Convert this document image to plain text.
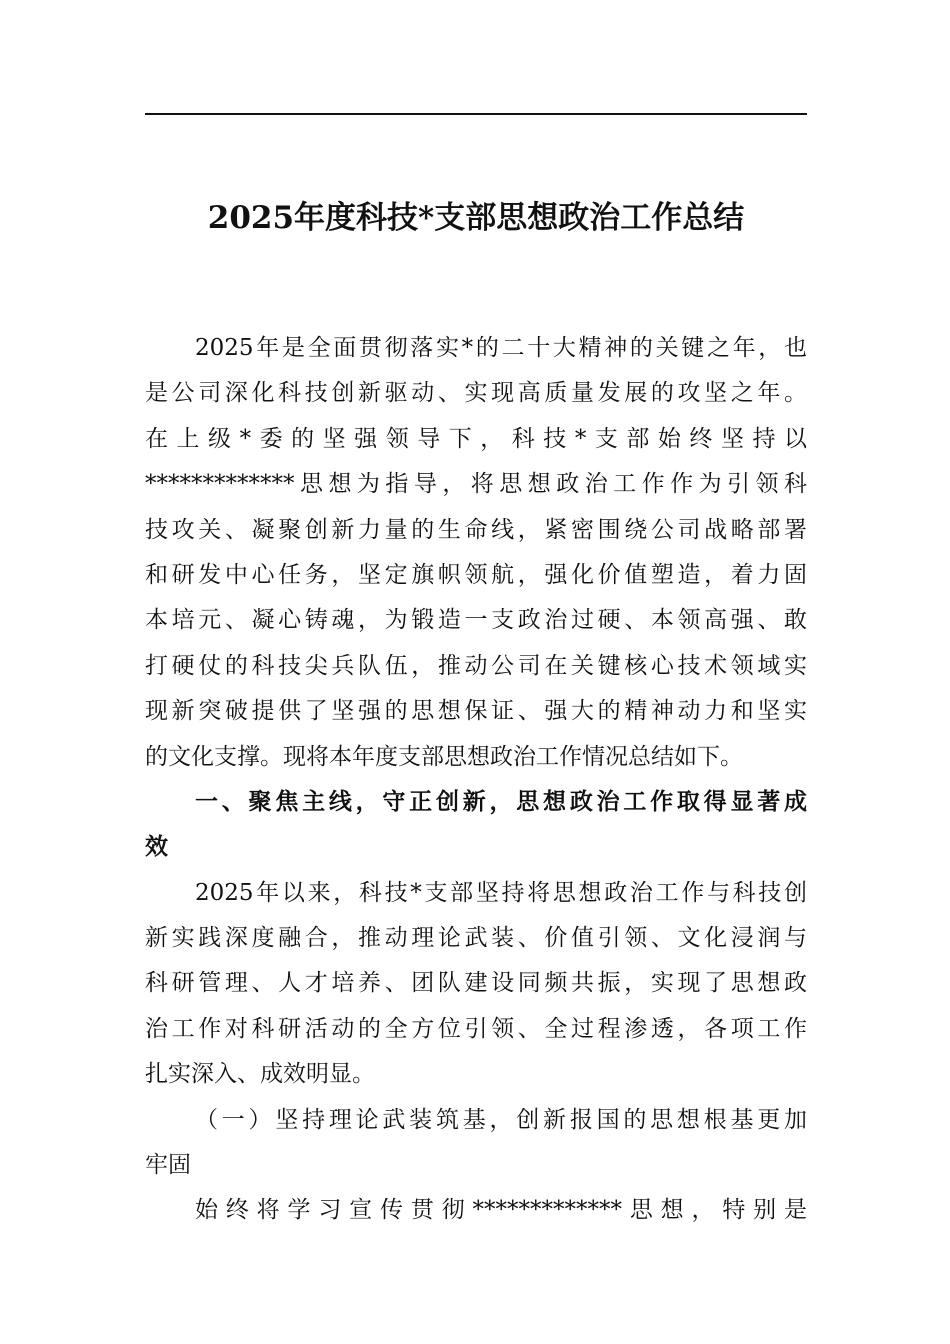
2025年度科技*支部思想政治工作总结
2025年是全面贯彻落实*的二十大精神的关键之年，也
是公司深化科技创新驱动、实现高质量发展的攻坚之年。
在上级*委的坚强领导下，科技*支部始终坚持以
*************思想为指导，将思想政治工作作为引领科
技攻关、凝聚创新力量的生命线，紧密围绕公司战略部署
和研发中心任务，坚定旗帜领航，强化价值塑造，着力固
本培元、凝心铸魂，为锻造一支政治过硬、本领高强、敢
打硬仗的科技尖兵队伍，推动公司在关键核心技术领域实
现新突破提供了坚强的思想保证、强大的精神动力和坚实
的文化支撑。现将本年度支部思想政治工作情况总结如下。
一、聚焦主线，守正创新，思想政治工作取得显著成
效
2025年以来，科技*支部坚持将思想政治工作与科技创
新实践深度融合，推动理论武装、价值引领、文化浸润与
科研管理、人才培养、团队建设同频共振，实现了思想政
治工作对科研活动的全方位引领、全过程渗透，各项工作
扎实深入、成效明显。
（一）坚持理论武装筑基，创新报国的思想根基更加
牢固
始终将学习宣传贯彻*************思想，特别是
